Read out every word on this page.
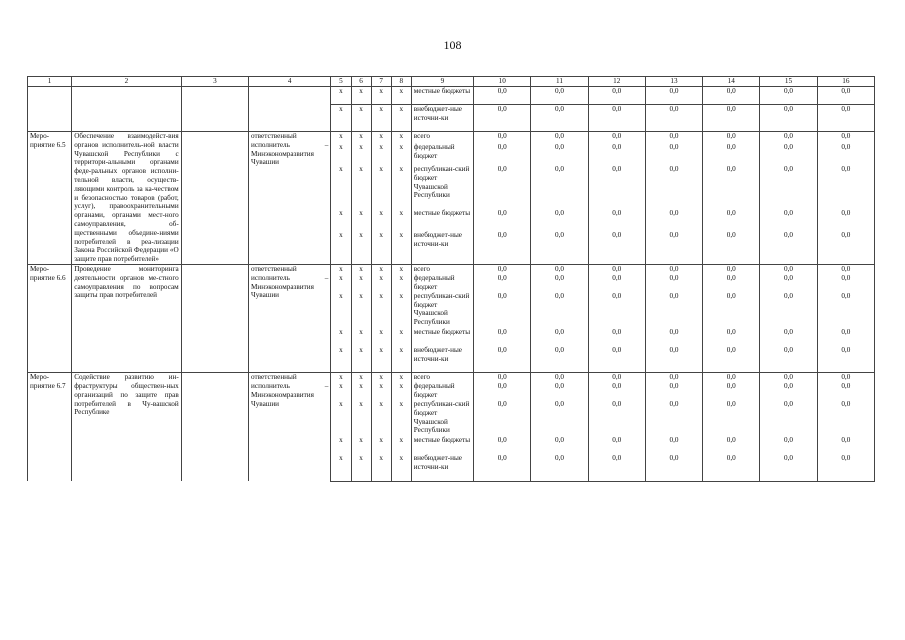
108
1	2	3	4	5	6	7	8	9	10	11	12	13	14	15	16
				x	x	x	x	местные бюджеты	0,0	0,0	0,0	0,0	0,0	0,0	0,0
				x	x	x	x	внебюджет-ные источни-ки	0,0	0,0	0,0	0,0	0,0	0,0	0,0
Меро-приятие 6.5	Обеспечение взаимодейст-вия органов исполнитель-ной власти Чувашской Республики с территори-альными органами феде-ральных органов исполни-тельной власти, осуществ-ляющими контроль за ка-чеством и безопасностью товаров (работ, услуг), правоохранительными органами, органами мест-ного самоуправления, об-щественными объедине-ниями потребителей в реа-лизации Закона Российской Федерации «О защите прав потребителей»		ответственный исполнитель – Минэкономразвития Чувашии	x	x	x	x	всего	0,0	0,0	0,0	0,0	0,0	0,0	0,0
				x	x	x	x	федеральный бюджет	0,0	0,0	0,0	0,0	0,0	0,0	0,0
				x	x	x	x	республикан-ский бюджет Чувашской Республики	0,0	0,0	0,0	0,0	0,0	0,0	0,0
				x	x	x	x	местные бюджеты	0,0	0,0	0,0	0,0	0,0	0,0	0,0
				x	x	x	x	внебюджет-ные источни-ки	0,0	0,0	0,0	0,0	0,0	0,0	0,0
Меро-приятие 6.6	Проведение мониторинга деятельности органов ме-стного самоуправления по вопросам защиты прав потребителей		ответственный исполнитель – Минэкономразвития Чувашии	x	x	x	x	всего	0,0	0,0	0,0	0,0	0,0	0,0	0,0
				x	x	x	x	федеральный бюджет	0,0	0,0	0,0	0,0	0,0	0,0	0,0
				x	x	x	x	республикан-ский бюджет Чувашской Республики	0,0	0,0	0,0	0,0	0,0	0,0	0,0
				x	x	x	x	местные бюджеты	0,0	0,0	0,0	0,0	0,0	0,0	0,0
				x	x	x	x	внебюджет-ные источни-ки	0,0	0,0	0,0	0,0	0,0	0,0	0,0
Меро-приятие 6.7	Содействие развитию ин-фраструктуры обществен-ных организаций по защите прав потребителей в Чу-вашской Республике		ответственный исполнитель – Минэкономразвития Чувашии	x	x	x	x	всего	0,0	0,0	0,0	0,0	0,0	0,0	0,0
				x	x	x	x	федеральный бюджет	0,0	0,0	0,0	0,0	0,0	0,0	0,0
				x	x	x	x	республикан-ский бюджет Чувашской Республики	0,0	0,0	0,0	0,0	0,0	0,0	0,0
				x	x	x	x	местные бюджеты	0,0	0,0	0,0	0,0	0,0	0,0	0,0
				x	x	x	x	внебюджет-ные источни-ки	0,0	0,0	0,0	0,0	0,0	0,0	0,0
